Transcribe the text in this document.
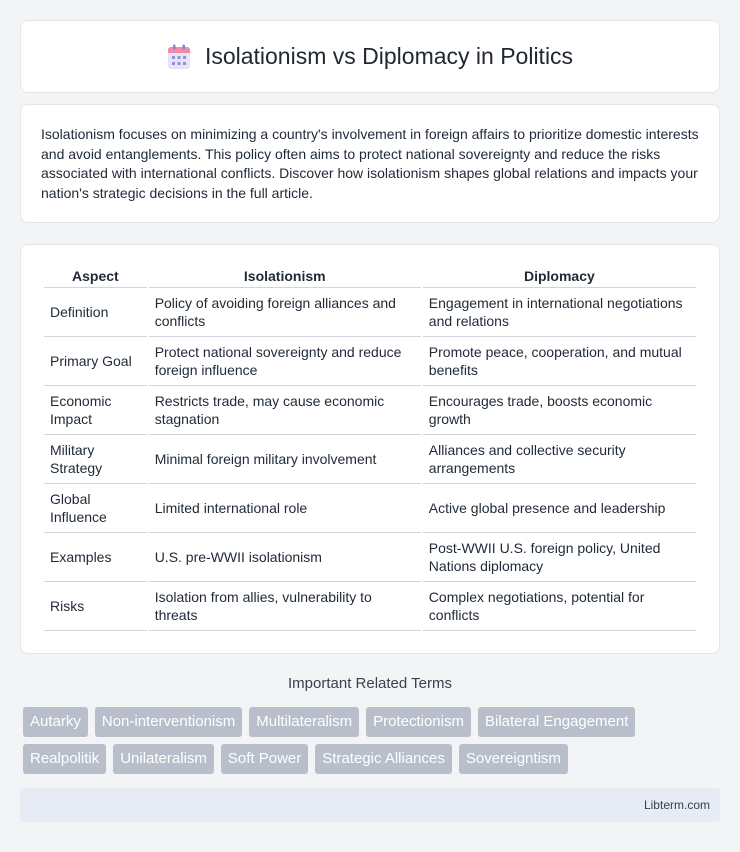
Isolationism vs Diplomacy in Politics

Isolationism focuses on minimizing a country's involvement in foreign affairs to prioritize domestic interests and avoid entanglements. This policy often aims to protect national sovereignty and reduce the risks associated with international conflicts. Discover how isolationism shapes global relations and impacts your nation's strategic decisions in the full article.

Aspect	Isolationism	Diplomacy
Definition	Policy of avoiding foreign alliances and conflicts	Engagement in international negotiations and relations
Primary Goal	Protect national sovereignty and reduce foreign influence	Promote peace, cooperation, and mutual benefits
Economic Impact	Restricts trade, may cause economic stagnation	Encourages trade, boosts economic growth
Military Strategy	Minimal foreign military involvement	Alliances and collective security arrangements
Global Influence	Limited international role	Active global presence and leadership
Examples	U.S. pre-WWII isolationism	Post-WWII U.S. foreign policy, United Nations diplomacy
Risks	Isolation from allies, vulnerability to threats	Complex negotiations, potential for conflicts
Important Related Terms
Autarky	Non-interventionism	Multilateralism	Protectionism	Bilateral Engagement
Realpolitik	Unilateralism	Soft Power	Strategic Alliances	Sovereigntism
Libterm.com
